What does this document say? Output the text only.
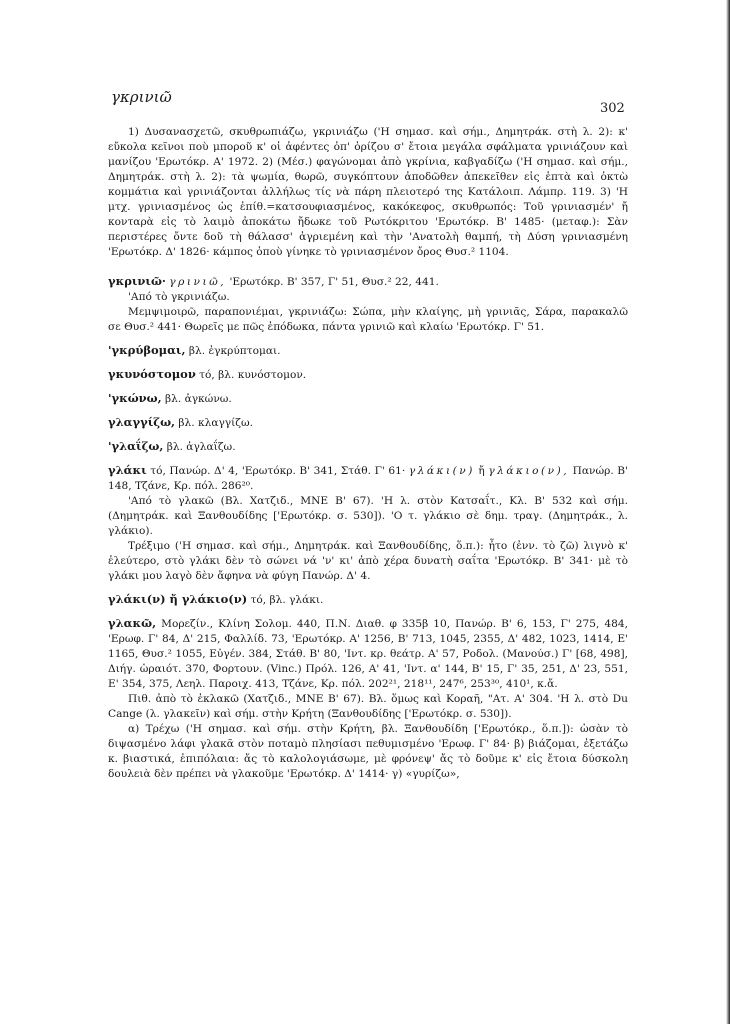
γκρινιῶ
302

1) Δυσανασχετῶ, σκυθρωπιάζω, γκρινιάζω ('Η σημασ. καὶ σήμ., Δημητράκ. στὴ λ. 2): κ' εὔκολα κεῖνοι ποὺ μποροῦ κ' οἱ ἀφέντες ὀπ' ὁρίζου σ' ἔτοια μεγάλα σφάλματα γρινιάζουν καὶ μανίζου 'Ερωτόκρ. Α' 1972. 2) (Μέσ.) φαγώνομαι ἀπὸ γκρίνια, καβγαδίζω ('Η σημασ. καὶ σήμ., Δημητράκ. στὴ λ. 2): τὰ ψωμία, θωρῶ, συγκόπτουν ἀποδῶθεν ἀπεκεῖθεν εἰς ἑπτὰ καὶ ὀκτὼ κομμάτια καὶ γρινιάζονται ἀλλήλως τίς νὰ πάρη πλειοτερό της Κατάλοιπ. Λάμπρ. 119. 3) 'Η μτχ. γρινιασμένος ὡς ἐπίθ.=κατσουφιασμένος, κακόκεφος, σκυθρωπός: Τοῦ γρινιασμέν' ἤ κονταρὰ εἰς τὸ λαιμὸ ἀποκάτω ἤδωκε τοῦ Ρωτόκριτου 'Ερωτόκρ. Β' 1485· (μεταφ.): Σὰν περιστέρες ὄντε δοῦ τὴ θάλασσ' ἀγριεμένη καὶ τὴν 'Ανατολὴ θαμπή, τὴ Δύση γρινιασμένη 'Ερωτόκρ. Δ' 1826· κάμπος ὁποὺ γίνηκε τὸ γρινιασμένον ὄρος Θυσ.² 1104.

γκρινιῶ· γρινιῶ, 'Ερωτόκρ. Β' 357, Γ' 51, Θυσ.² 22, 441.
'Από τὸ γκρινιάζω.
Μεμψιμοιρῶ, παραπονιέμαι, γκρινιάζω: Σώπα, μὴν κλαίγης, μὴ γρινιᾶς, Σάρα, παρακαλῶ σε Θυσ.² 441· Θωρεῖς με πῶς ἐπόδωκα, πάντα γρινιῶ καὶ κλαίω 'Ερωτόκρ. Γ' 51.

'γκρύβομαι, βλ. ἐγκρύπτομαι.

γκυνόστομον τό, βλ. κυνόστομον.

'γκώνω, βλ. ἀγκώνω.

γλαγγίζω, βλ. κλαγγίζω.

'γλαΐζω, βλ. ἀγλαΐζω.

γλάκι τό, Πανώρ. Δ' 4, 'Ερωτόκρ. Β' 341, Στάθ. Γ' 61· γλάκι(ν) ἤ γλάκιο(ν), Πανώρ. Β' 148, Τζάνε, Κρ. πόλ. 286²⁰.
'Από τὸ γλακῶ (Βλ. Χατζιδ., ΜΝΕ Β' 67). 'Η λ. στὸν Κατσαΐτ., Κλ. Β' 532 καὶ σήμ. (Δημητράκ. καὶ Ξανθουδίδης ['Ερωτόκρ. σ. 530]). 'Ο τ. γλάκιο σὲ δημ. τραγ. (Δημητράκ., λ. γλάκιο).
Τρέξιμο ('Η σημασ. καὶ σήμ., Δημητράκ. καὶ Ξανθουδίδης, ὅ.π.): ἦτο (ἐνν. τὸ ζῶ) λιγνὸ κ' ἐλεύτερο, στὸ γλάκι δὲν τὸ σώνει νά 'ν' κι' ἀπὸ χέρα δυνατὴ σαΐτα 'Ερωτόκρ. Β' 341· μὲ τὸ γλάκι μου λαγὸ δὲν ἄφηνα νὰ φύγη Πανώρ. Δ' 4.

γλάκι(ν) ἤ γλάκιο(ν) τό, βλ. γλάκι.

γλακῶ, Μορεζίν., Κλίνη Σολομ. 440, Π.Ν. Διαθ. φ 335β 10, Πανώρ. Β' 6, 153, Γ' 275, 484, 'Ερωφ. Γ' 84, Δ' 215, Φαλλίδ. 73, 'Ερωτόκρ. Α' 1256, Β' 713, 1045, 2355, Δ' 482, 1023, 1414, Ε' 1165, Θυσ.² 1055, Εὐγέν. 384, Στάθ. Β' 80, 'Ιντ. κρ. θεάτρ. Α' 57, Ροδολ. (Μανούσ.) Γ' [68, 498], Διήγ. ὡραιότ. 370, Φορτουν. (Vinc.) Πρόλ. 126, Α' 41, 'Ιντ. α' 144, Β' 15, Γ' 35, 251, Δ' 23, 551, Ε' 354, 375, Λεηλ. Παροιχ. 413, Τζάνε, Κρ. πόλ. 202²¹, 218¹¹, 247⁶, 253³⁰, 410¹, κ.ἄ.
Πιθ. ἀπὸ τὸ ἐκλακῶ (Χατζιδ., ΜΝΕ Β' 67). Βλ. ὅμως καὶ Κοραῆ, "Ατ. Α' 304. 'Η λ. στὸ Du Cange (λ. γλακεῖν) καὶ σήμ. στὴν Κρήτη (Ξανθουδίδης ['Ερωτόκρ. σ. 530]).
α) Τρέχω ('Η σημασ. καὶ σήμ. στὴν Κρήτη, βλ. Ξανθουδίδη ['Ερωτόκρ., ὅ.π.]): ὡσὰν τὸ διψασμένο λάφι γλακᾶ στὸν ποταμὸ πλησίασι πεθυμισμένο 'Ερωφ. Γ' 84· β) βιάζομαι, ἐξετάζω κ. βιαστικά, ἐπιπόλαια: ἄς τὸ καλολογιάσωμε, μὲ φρόνεψ' ἄς τὸ δοῦμε κ' εἰς ἔτοια δύσκολη δουλειὰ δὲν πρέπει νὰ γλακοῦμε 'Ερωτόκρ. Δ' 1414· γ) «γυρίζω»,
